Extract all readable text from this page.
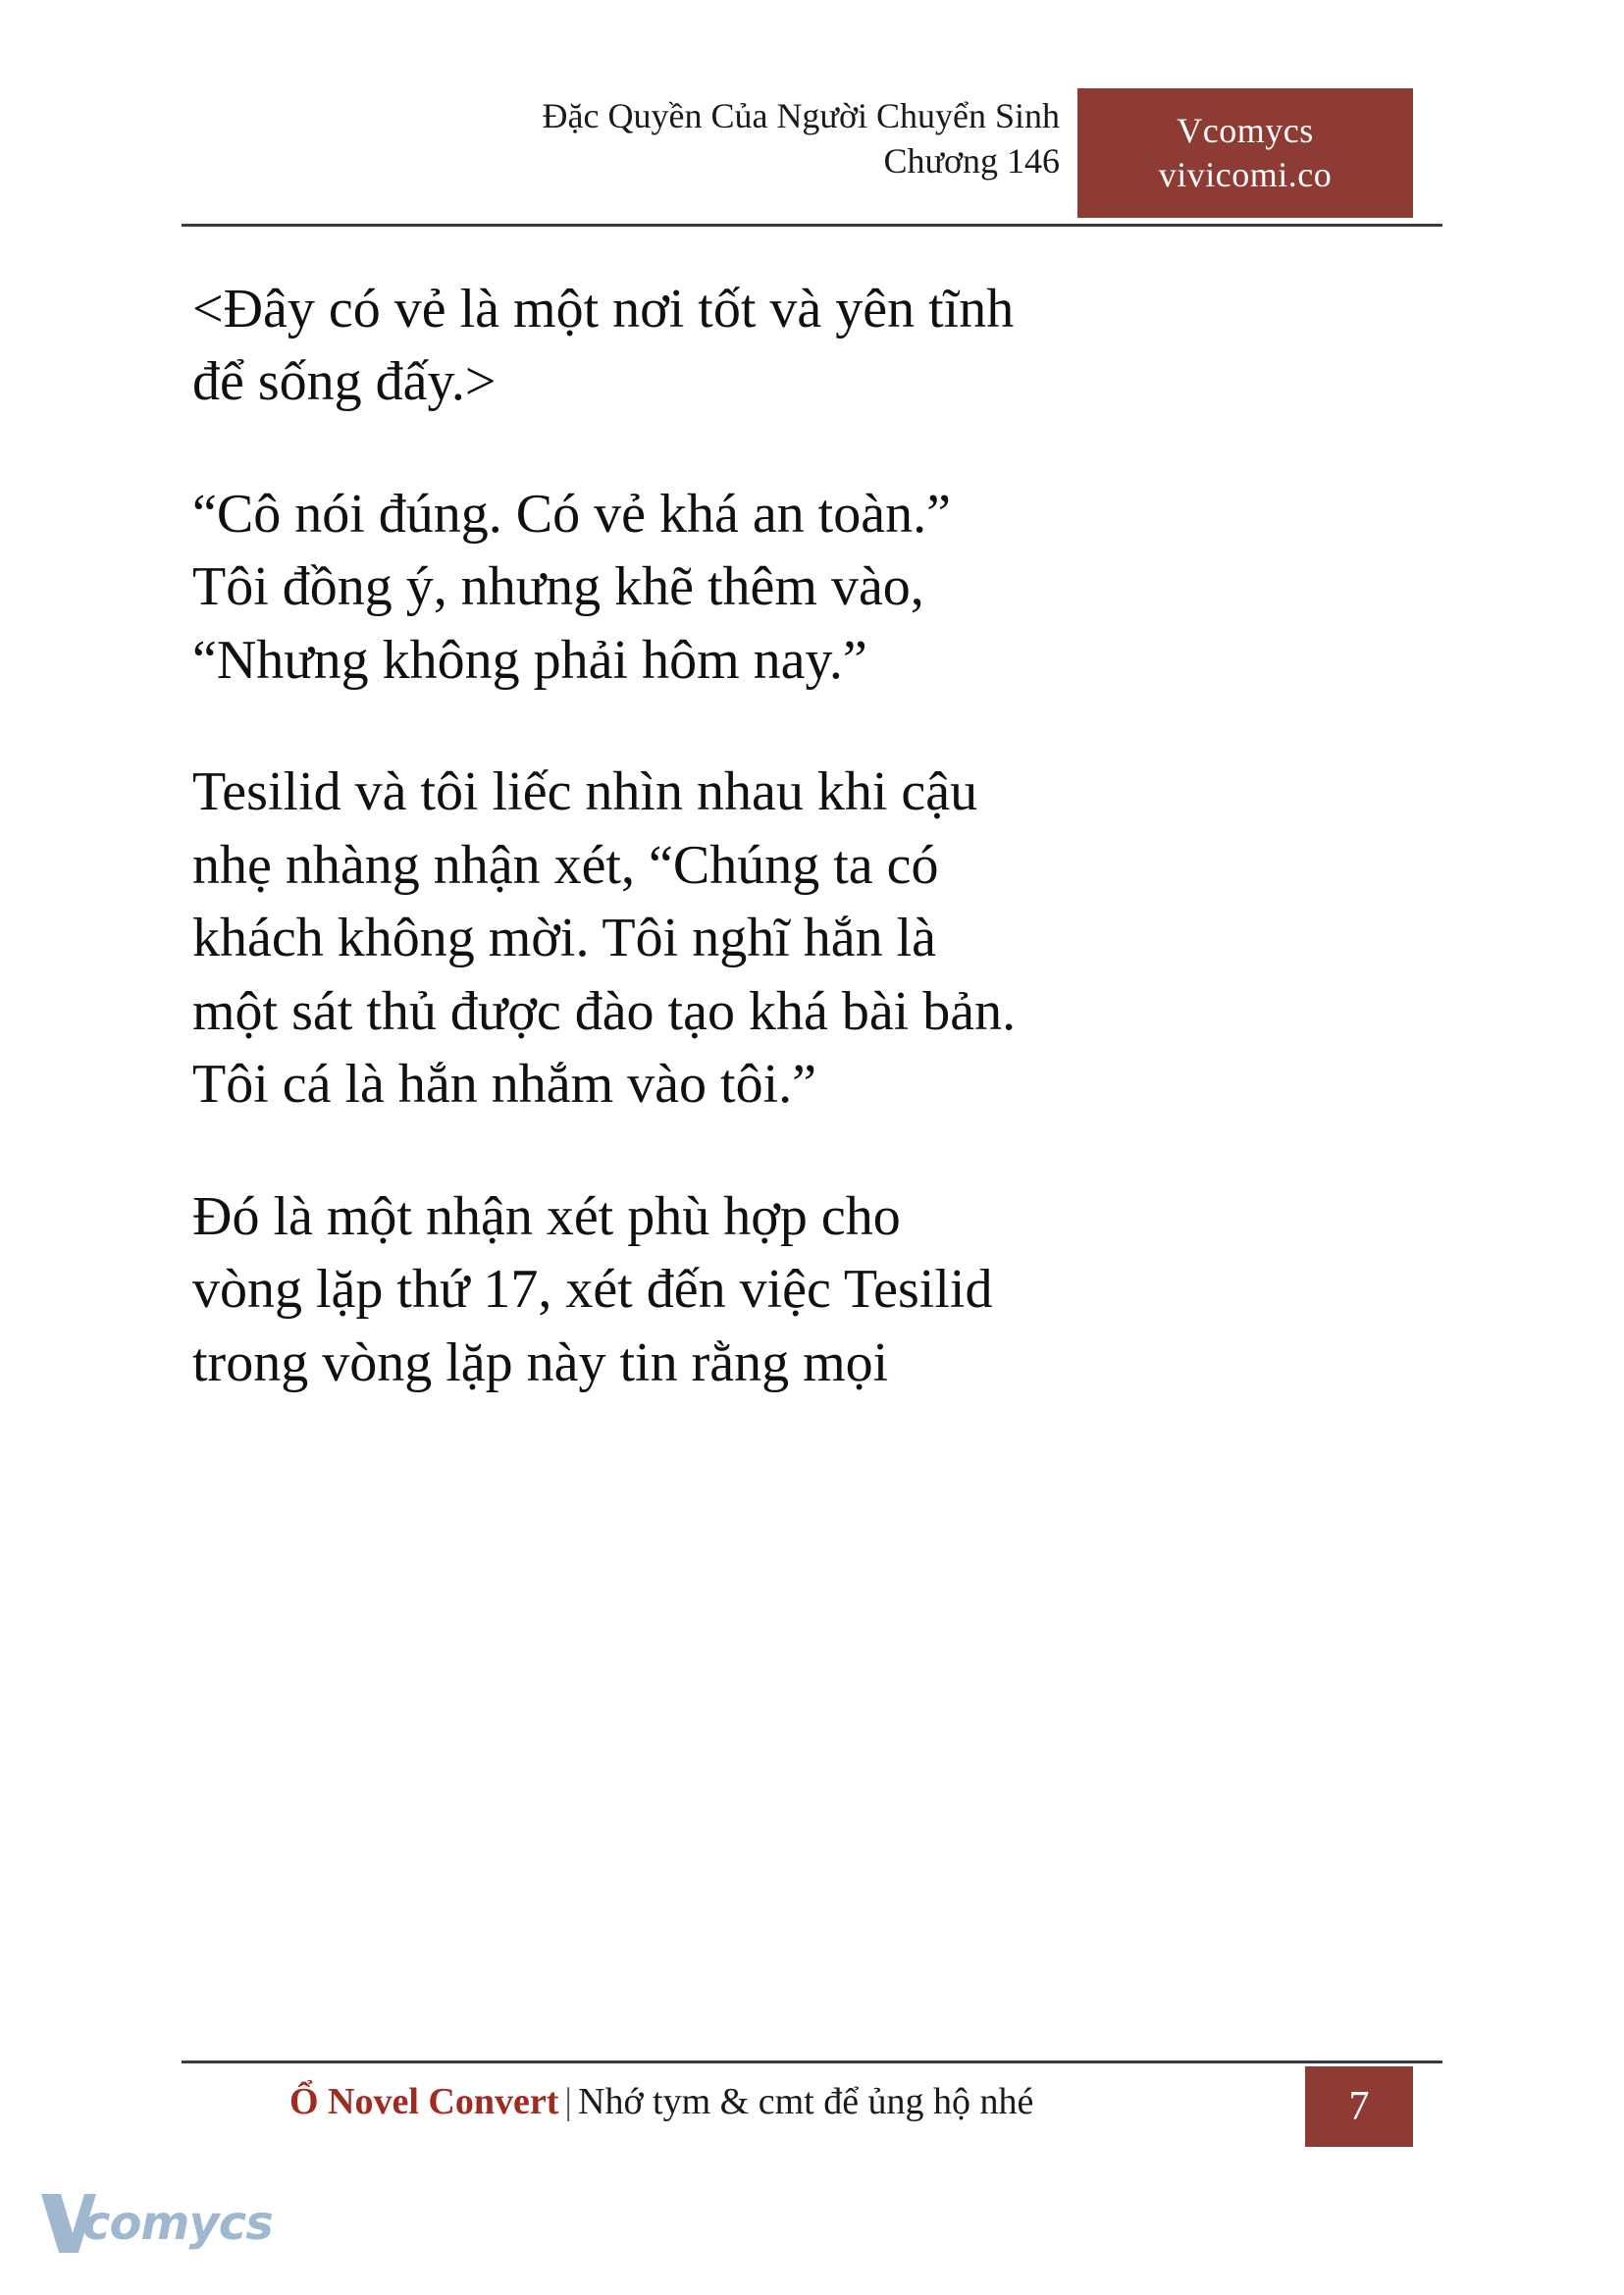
Đặc Quyền Của Người Chuyển Sinh
Chương 146
Vcomycs
vivicomi.co

<Đây có vẻ là một nơi tốt và yên tĩnh
để sống đấy.>

“Cô nói đúng. Có vẻ khá an toàn.”
Tôi đồng ý, nhưng khẽ thêm vào,
“Nhưng không phải hôm nay.”

Tesilid và tôi liếc nhìn nhau khi cậu
nhẹ nhàng nhận xét, “Chúng ta có
khách không mời. Tôi nghĩ hắn là
một sát thủ được đào tạo khá bài bản.
Tôi cá là hắn nhắm vào tôi.”

Đó là một nhận xét phù hợp cho
vòng lặp thứ 17, xét đến việc Tesilid
trong vòng lặp này tin rằng mọi

Ổ Novel Convert | Nhớ tym & cmt để ủng hộ nhé	7
comycs
